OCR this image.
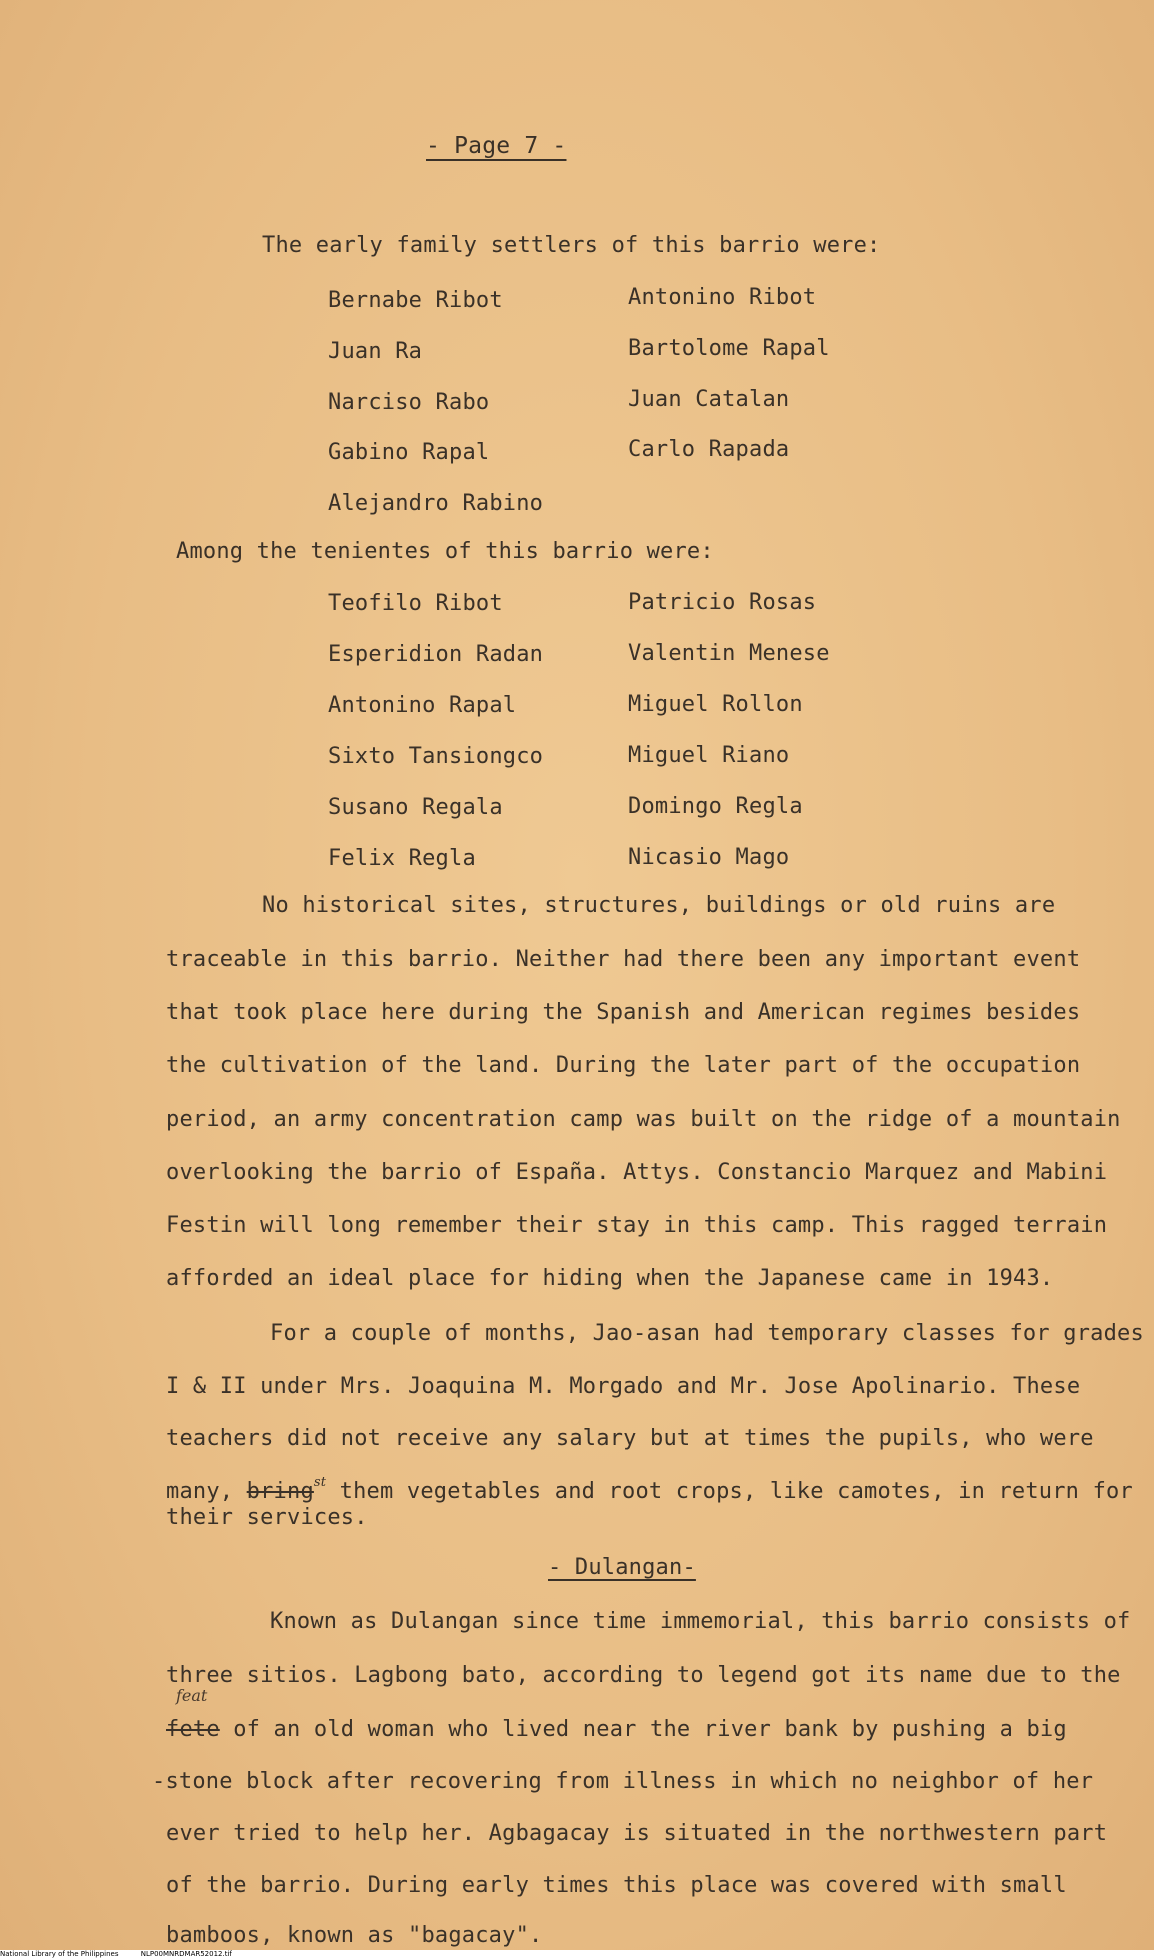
- Page 7 -
The early family settlers of this barrio were:
Bernabe Ribot	Antonino Ribot
Juan Ra	Bartolome Rapal
Narciso Rabo	Juan Catalan
Gabino Rapal	Carlo Rapada
Alejandro Rabino
Among the tenientes of this barrio were:
Teofilo Ribot	Patricio Rosas
Esperidion Radan	Valentin Menese
Antonino Rapal	Miguel Rollon
Sixto Tansiongco	Miguel Riano
Susano Regala	Domingo Regla
Felix Regla	Nicasio Mago
No historical sites, structures, buildings or old ruins are
traceable in this barrio. Neither had there been any important event
that took place here during the Spanish and American regimes besides
the cultivation of the land. During the later part of the occupation
period, an army concentration camp was built on the ridge of a mountain
overlooking the barrio of España. Attys. Constancio Marquez and Mabini
Festin will long remember their stay in this camp. This ragged terrain
afforded an ideal place for hiding when the Japanese came in 1943.
For a couple of months, Jao-asan had temporary classes for grades
I & II under Mrs. Joaquina M. Morgado and Mr. Jose Apolinario. These
teachers did not receive any salary but at times the pupils, who were
many, bring$^{st}$ them vegetables and root crops, like camotes, in return for
their services.
- Dulangan-
Known as Dulangan since time immemorial, this barrio consists of
three sitios. Lagbong bato, according to legend got its name due to the
feat
fete of an old woman who lived near the river bank by pushing a big
-stone block after recovering from illness in which no neighbor of her
ever tried to help her. Agbagacay is situated in the northwestern part
of the barrio. During early times this place was covered with small
bamboos, known as "bagacay".
National Library of the Philippines	NLP00MNRDMAR52012.tif
